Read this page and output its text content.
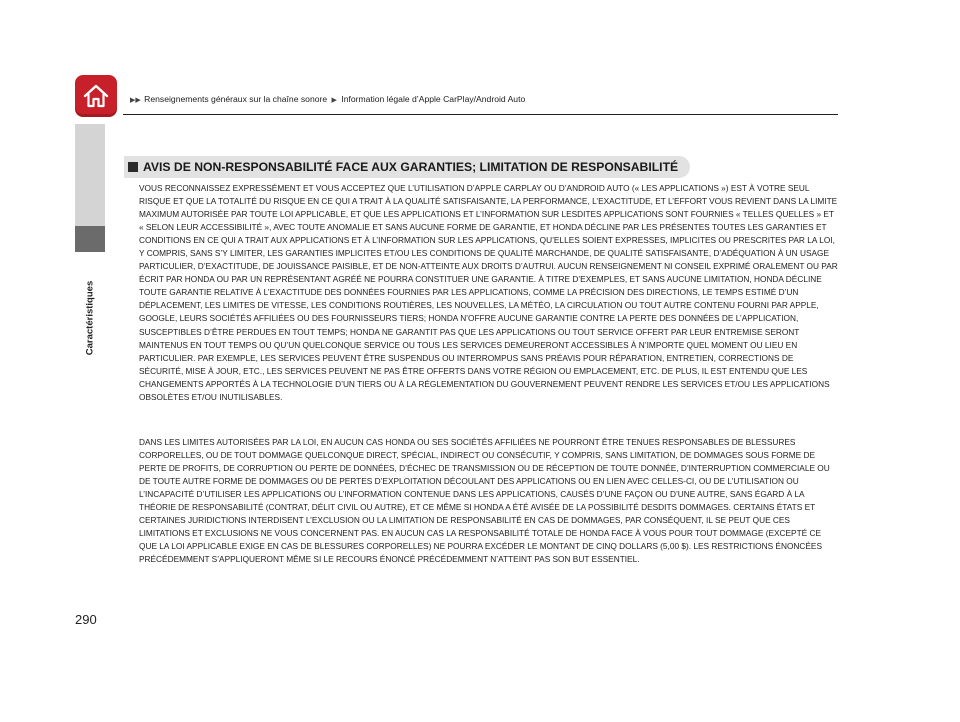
▶▶ Renseignements généraux sur la chaîne sonore ▶ Information légale d’Apple CarPlay/Android Auto
Caractéristiques
AVIS DE NON-RESPONSABILITÉ FACE AUX GARANTIES; LIMITATION DE RESPONSABILITÉ

VOUS RECONNAISSEZ EXPRESSÉMENT ET VOUS ACCEPTEZ QUE L’UTILISATION D’APPLE CARPLAY OU D’ANDROID AUTO (« LES APPLICATIONS ») EST À VOTRE SEUL RISQUE ET QUE LA TOTALITÉ DU RISQUE EN CE QUI A TRAIT À LA QUALITÉ SATISFAISANTE, LA PERFORMANCE, L’EXACTITUDE, ET L’EFFORT VOUS REVIENT DANS LA LIMITE MAXIMUM AUTORISÉE PAR TOUTE LOI APPLICABLE, ET QUE LES APPLICATIONS ET L’INFORMATION SUR LESDITES APPLICATIONS SONT FOURNIES « TELLES QUELLES » ET « SELON LEUR ACCESSIBILITÉ », AVEC TOUTE ANOMALIE ET SANS AUCUNE FORME DE GARANTIE, ET HONDA DÉCLINE PAR LES PRÉSENTES TOUTES LES GARANTIES ET CONDITIONS EN CE QUI A TRAIT AUX APPLICATIONS ET À L’INFORMATION SUR LES APPLICATIONS, QU’ELLES SOIENT EXPRESSES, IMPLICITES OU PRESCRITES PAR LA LOI, Y COMPRIS, SANS S’Y LIMITER, LES GARANTIES IMPLICITES ET/OU LES CONDITIONS DE QUALITÉ MARCHANDE, DE QUALITÉ SATISFAISANTE, D’ADÉQUATION À UN USAGE PARTICULIER, D’EXACTITUDE, DE JOUISSANCE PAISIBLE, ET DE NON-ATTEINTE AUX DROITS D’AUTRUI. AUCUN RENSEIGNEMENT NI CONSEIL EXPRIMÉ ORALEMENT OU PAR ÉCRIT PAR HONDA OU PAR UN REPRÉSENTANT AGRÉÉ NE POURRA CONSTITUER UNE GARANTIE. À TITRE D’EXEMPLES, ET SANS AUCUNE LIMITATION, HONDA DÉCLINE TOUTE GARANTIE RELATIVE À L’EXACTITUDE DES DONNÉES FOURNIES PAR LES APPLICATIONS, COMME LA PRÉCISION DES DIRECTIONS, LE TEMPS ESTIMÉ D’UN DÉPLACEMENT, LES LIMITES DE VITESSE, LES CONDITIONS ROUTIÈRES, LES NOUVELLES, LA MÉTÉO, LA CIRCULATION OU TOUT AUTRE CONTENU FOURNI PAR APPLE, GOOGLE, LEURS SOCIÉTÉS AFFILIÉES OU DES FOURNISSEURS TIERS; HONDA N’OFFRE AUCUNE GARANTIE CONTRE LA PERTE DES DONNÉES DE L’APPLICATION, SUSCEPTIBLES D’ÊTRE PERDUES EN TOUT TEMPS; HONDA NE GARANTIT PAS QUE LES APPLICATIONS OU TOUT SERVICE OFFERT PAR LEUR ENTREMISE SERONT MAINTENUS EN TOUT TEMPS OU QU’UN QUELCONQUE SERVICE OU TOUS LES SERVICES DEMEURERONT ACCESSIBLES À N’IMPORTE QUEL MOMENT OU LIEU EN PARTICULIER. PAR EXEMPLE, LES SERVICES PEUVENT ÊTRE SUSPENDUS OU INTERROMPUS SANS PRÉAVIS POUR RÉPARATION, ENTRETIEN, CORRECTIONS DE SÉCURITÉ, MISE À JOUR, ETC., LES SERVICES PEUVENT NE PAS ÊTRE OFFERTS DANS VOTRE RÉGION OU EMPLACEMENT, ETC. DE PLUS, IL EST ENTENDU QUE LES CHANGEMENTS APPORTÉS À LA TECHNOLOGIE D’UN TIERS OU À LA RÉGLEMENTATION DU GOUVERNEMENT PEUVENT RENDRE LES SERVICES ET/OU LES APPLICATIONS OBSOLÈTES ET/OU INUTILISABLES.

DANS LES LIMITES AUTORISÉES PAR LA LOI, EN AUCUN CAS HONDA OU SES SOCIÉTÉS AFFILIÉES NE POURRONT ÊTRE TENUES RESPONSABLES DE BLESSURES CORPORELLES, OU DE TOUT DOMMAGE QUELCONQUE DIRECT, SPÉCIAL, INDIRECT OU CONSÉCUTIF, Y COMPRIS, SANS LIMITATION, DE DOMMAGES SOUS FORME DE PERTE DE PROFITS, DE CORRUPTION OU PERTE DE DONNÉES, D’ÉCHEC DE TRANSMISSION OU DE RÉCEPTION DE TOUTE DONNÉE, D’INTERRUPTION COMMERCIALE OU DE TOUTE AUTRE FORME DE DOMMAGES OU DE PERTES D’EXPLOITATION DÉCOULANT DES APPLICATIONS OU EN LIEN AVEC CELLES-CI, OU DE L’UTILISATION OU L’INCAPACITÉ D’UTILISER LES APPLICATIONS OU L’INFORMATION CONTENUE DANS LES APPLICATIONS, CAUSÉS D’UNE FAÇON OU D’UNE AUTRE, SANS ÉGARD À LA THÉORIE DE RESPONSABILITÉ (CONTRAT, DÉLIT CIVIL OU AUTRE), ET CE MÊME SI HONDA A ÉTÉ AVISÉE DE LA POSSIBILITÉ DESDITS DOMMAGES. CERTAINS ÉTATS ET CERTAINES JURIDICTIONS INTERDISENT L’EXCLUSION OU LA LIMITATION DE RESPONSABILITÉ EN CAS DE DOMMAGES, PAR CONSÉQUENT, IL SE PEUT QUE CES LIMITATIONS ET EXCLUSIONS NE VOUS CONCERNENT PAS. EN AUCUN CAS LA RESPONSABILITÉ TOTALE DE HONDA FACE À VOUS POUR TOUT DOMMAGE (EXCEPTÉ CE QUE LA LOI APPLICABLE EXIGE EN CAS DE BLESSURES CORPORELLES) NE POURRA EXCÉDER LE MONTANT DE CINQ DOLLARS (5,00 $). LES RESTRICTIONS ÉNONCÉES PRÉCÉDEMMENT S’APPLIQUERONT MÊME SI LE RECOURS ÉNONCÉ PRÉCÉDEMMENT N’ATTEINT PAS SON BUT ESSENTIEL.

290
